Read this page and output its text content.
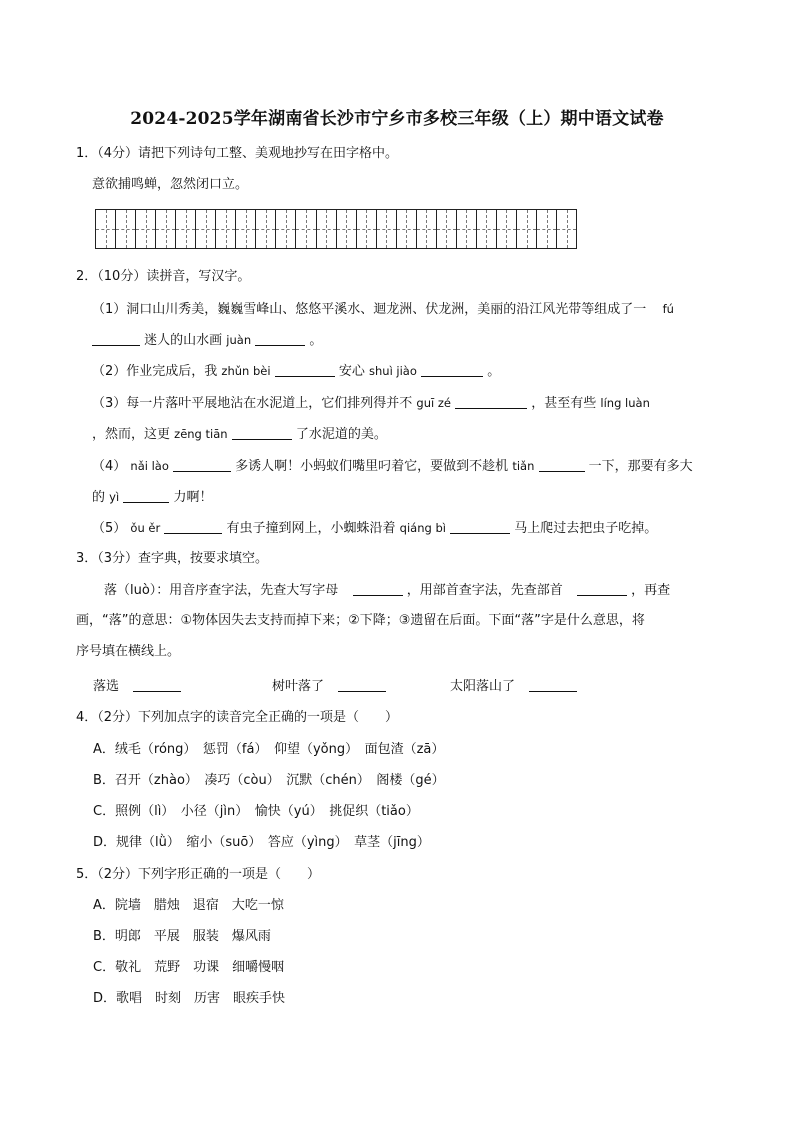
2024-2025学年湖南省长沙市宁乡市多校三年级（上）期中语文试卷
1．（4分）请把下列诗句工整、美观地抄写在田字格中。
意欲捕鸣蝉，忽然闭口立。
2．（10分）读拼音，写汉字。
（1）洞口山川秀美，巍巍雪峰山、悠悠平溪水、迴龙洲、伏龙洲，美丽的沿江风光带等组成了一 fú
迷人的山水画 juàn	。
（2）作业完成后，我 zhǔn bèi	安心 shuì jiào	。
（3）每一片落叶平展地沾在水泥道上，它们排列得并不 guī zé	，甚至有些 líng luàn
，然而，这更 zēng tiān	了水泥道的美。
（4） nǎi lào	多诱人啊！小蚂蚁们嘴里叼着它，要做到不趁机 tiǎn	一下，那要有多大
的 yì	力啊！
（5） ǒu ěr	有虫子撞到网上，小蜘蛛沿着 qiáng bì	马上爬过去把虫子吃掉。
3．（3分）查字典，按要求填空。
落（luò）：用音序查字法，先查大写字母	，用部首查字法，先查部首	，再查
画，“落”的意思：①物体因失去支持而掉下来；②下降；③遗留在后面。下面“落”字是什么意思，将
序号填在横线上。
落选	树叶落了	太阳落山了
4．（2分）下列加点字的读音完全正确的一项是（　　）
A．绒毛（róng）　惩罚（fá）　仰望（yǒng）　面包渣（zā）
B．召开（zhào）　凑巧（còu）　沉默（chén）　阁楼（gé）
C．照例（lì）　小径（jìn）　愉快（yú）　挑促织（tiǎo）
D．规律（lǜ）　缩小（suō）　答应（yìng）　草茎（jīng）
5．（2分）下列字形正确的一项是（　　）
A．院墙　腊烛　退宿　大吃一惊
B．明郎　平展　服装　爆风雨
C．敬礼　荒野　功课　细嚼慢咽
D．歌唱　时刻　历害　眼疾手快
